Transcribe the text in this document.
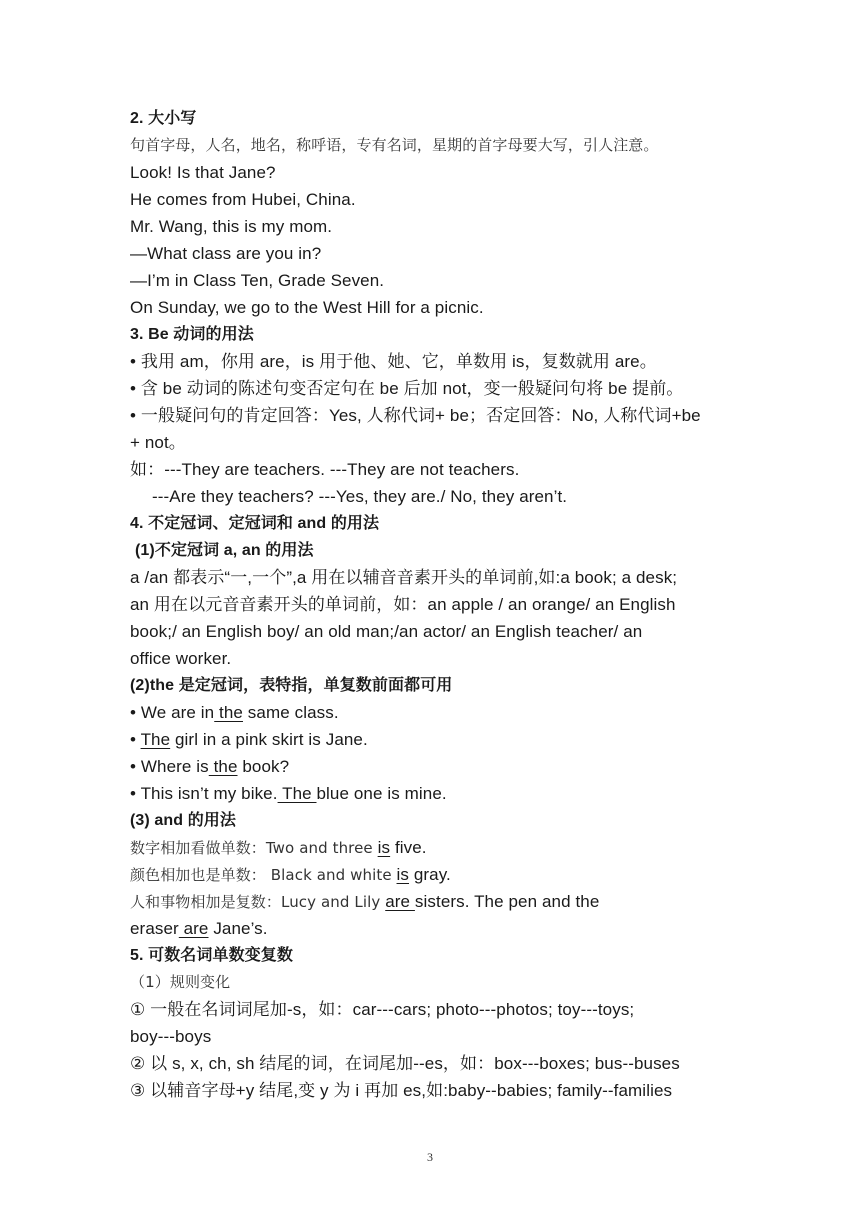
2. 大小写
句首字母，人名，地名，称呼语，专有名词，星期的首字母要大写，引人注意。
Look! Is that Jane?
He comes from Hubei, China.
Mr. Wang, this is my mom.
—What class are you in?
—I’m in Class Ten, Grade Seven.
On Sunday, we go to the West Hill for a picnic.
3. Be 动词的用法
• 我用 am，你用 are，is 用于他、她、它，单数用 is，复数就用 are。
• 含 be 动词的陈述句变否定句在 be 后加 not，变一般疑问句将 be 提前。
• 一般疑问句的肯定回答：Yes, 人称代词+ be；否定回答：No, 人称代词+be
+ not。
如：---They are teachers. ---They are not teachers.
---Are they teachers? ---Yes, they are./ No, they aren’t.
4. 不定冠词、定冠词和 and 的用法
(1)不定冠词 a, an 的用法
a /an 都表示“一,一个”,a 用在以辅音音素开头的单词前,如:a book; a desk;
an 用在以元音音素开头的单词前，如：an apple / an orange/ an English
book;/ an English boy/ an old man;/an actor/ an English teacher/ an
office worker.
(2)the 是定冠词，表特指，单复数前面都可用
• We are in the same class.
• The girl in a pink skirt is Jane.
• Where is the book?
• This isn’t my bike. The blue one is mine.
(3) and 的用法
数字相加看做单数：Two and three is five.
颜色相加也是单数： Black and white is gray.
人和事物相加是复数：Lucy and Lily are sisters. The pen and the
eraser are Jane’s.
5. 可数名词单数变复数
（1）规则变化
① 一般在名词词尾加-s，如：car---cars; photo---photos; toy---toys;
boy---boys
② 以 s, x, ch, sh 结尾的词，在词尾加--es，如：box---boxes; bus--buses
③ 以辅音字母+y 结尾,变 y 为 i 再加 es,如:baby--babies; family--families
3
